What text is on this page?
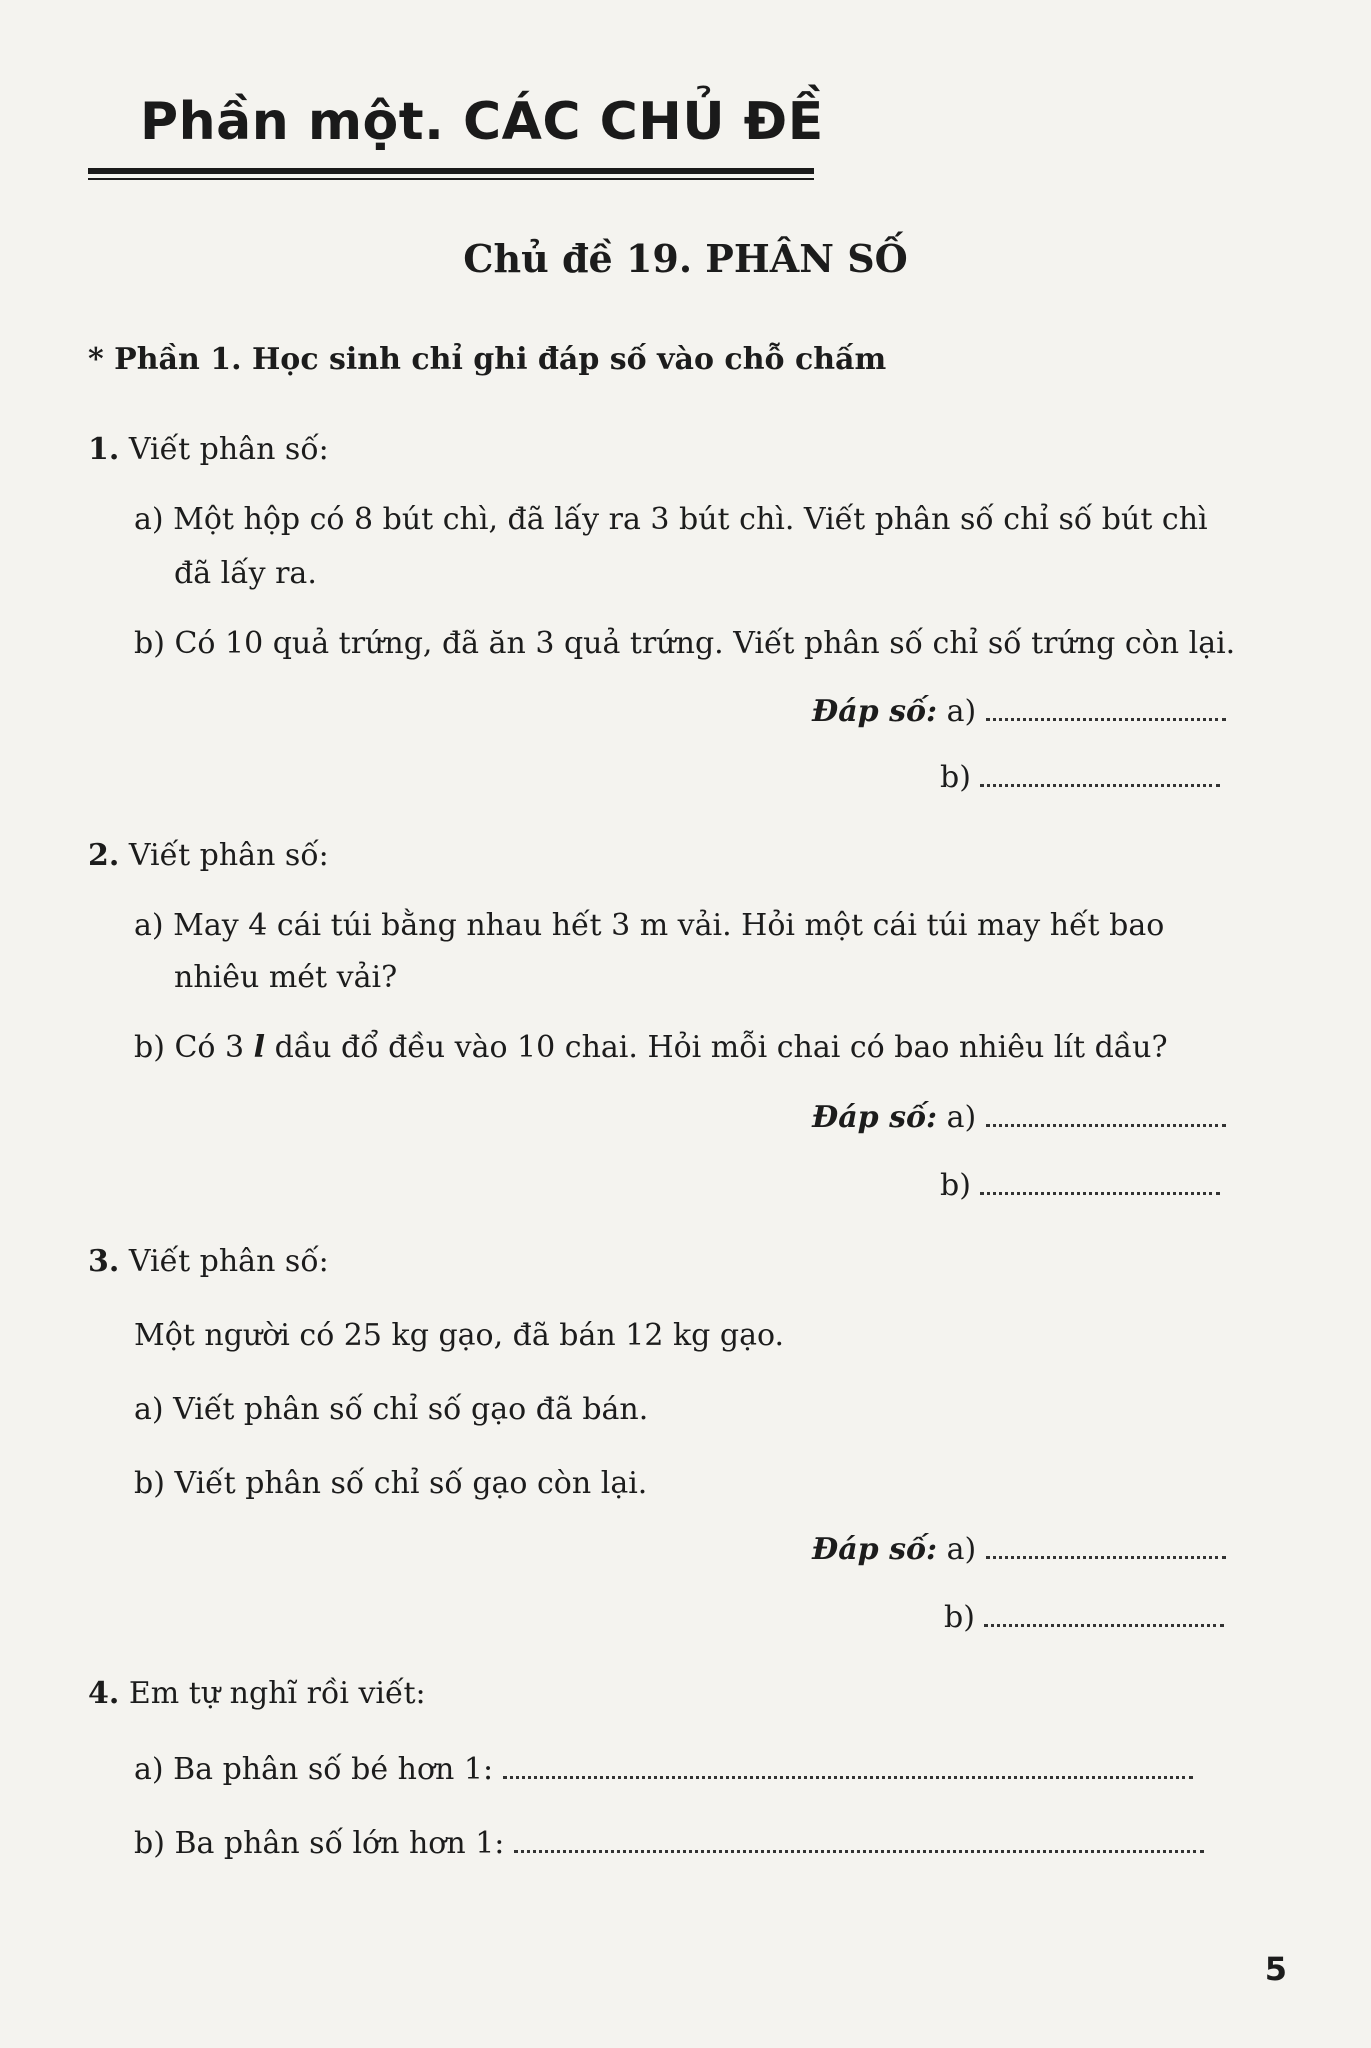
Phần một. CÁC CHỦ ĐỀ
Chủ đề 19. PHÂN SỐ
* Phần 1. Học sinh chỉ ghi đáp số vào chỗ chấm
1. Viết phân số:
a) Một hộp có 8 bút chì, đã lấy ra 3 bút chì. Viết phân số chỉ số bút chì
đã lấy ra.
b) Có 10 quả trứng, đã ăn 3 quả trứng. Viết phân số chỉ số trứng còn lại.
Đáp số: a)
b)
2. Viết phân số:
a) May 4 cái túi bằng nhau hết 3 m vải. Hỏi một cái túi may hết bao
nhiêu mét vải?
b) Có 3 l dầu đổ đều vào 10 chai. Hỏi mỗi chai có bao nhiêu lít dầu?
Đáp số: a)
b)
3. Viết phân số:
Một người có 25 kg gạo, đã bán 12 kg gạo.
a) Viết phân số chỉ số gạo đã bán.
b) Viết phân số chỉ số gạo còn lại.
Đáp số: a)
b)
4. Em tự nghĩ rồi viết:
a) Ba phân số bé hơn 1:
b) Ba phân số lớn hơn 1:
5
